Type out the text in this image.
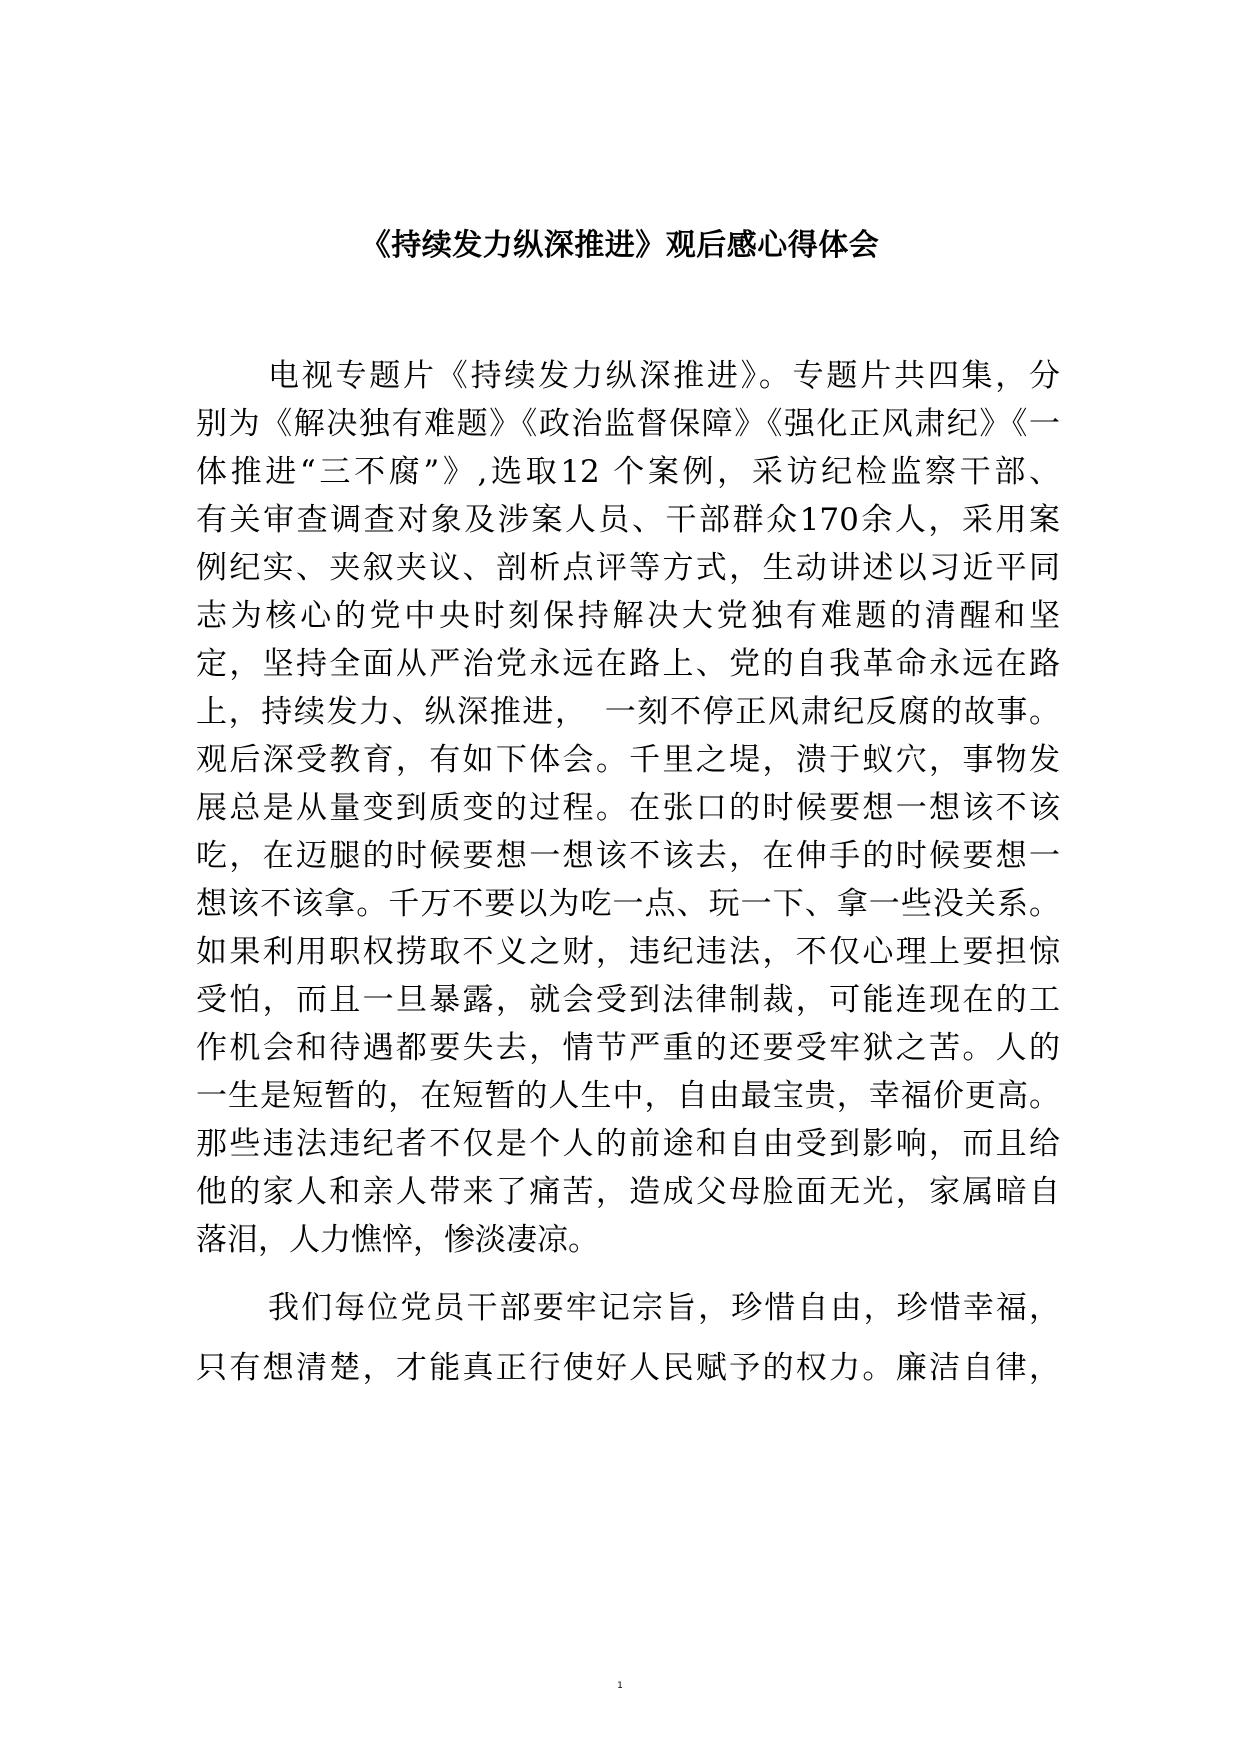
《持续发力纵深推进》观后感心得体会
电视专题片《持续发力纵深推进》。专题片共四集，分
别为《解决独有难题》《政治监督保障》《强化正风肃纪》《一
体推进“三不腐”》,选取12 个案例，采访纪检监察干部、
有关审查调查对象及涉案人员、干部群众170余人，采用案
例纪实、夹叙夹议、剖析点评等方式，生动讲述以习近平同
志为核心的党中央时刻保持解决大党独有难题的清醒和坚
定，坚持全面从严治党永远在路上、党的自我革命永远在路
上，持续发力、纵深推进，　一刻不停正风肃纪反腐的故事。
观后深受教育，有如下体会。千里之堤，溃于蚁穴，事物发
展总是从量变到质变的过程。在张口的时候要想一想该不该
吃，在迈腿的时候要想一想该不该去，在伸手的时候要想一
想该不该拿。千万不要以为吃一点、玩一下、拿一些没关系。
如果利用职权捞取不义之财，违纪违法，不仅心理上要担惊
受怕，而且一旦暴露，就会受到法律制裁，可能连现在的工
作机会和待遇都要失去，情节严重的还要受牢狱之苦。人的
一生是短暂的，在短暂的人生中，自由最宝贵，幸福价更高。
那些违法违纪者不仅是个人的前途和自由受到影响，而且给
他的家人和亲人带来了痛苦，造成父母脸面无光，家属暗自
落泪，人力憔悴，惨淡凄凉。
我们每位党员干部要牢记宗旨，珍惜自由，珍惜幸福，
只有想清楚，才能真正行使好人民赋予的权力。廉洁自律，
1
